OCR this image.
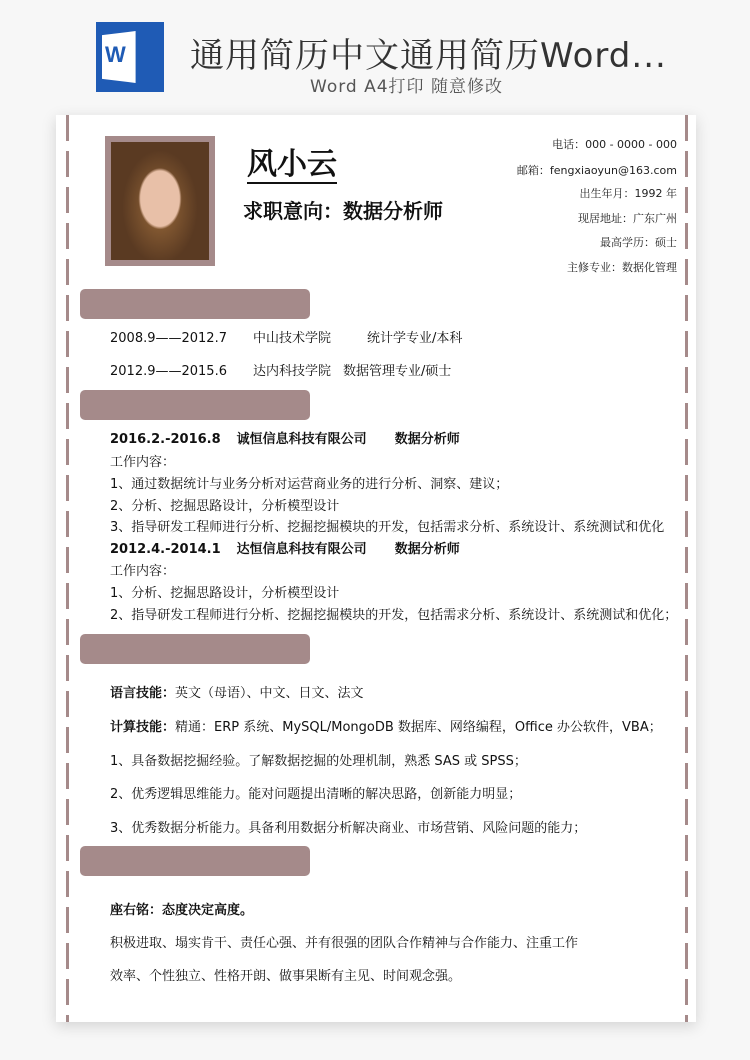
W 通用简历中文通用简历Word...
Word A4打印 随意修改
风小云
求职意向：数据分析师
电话：000 - 0000 - 000
邮箱：fengxiaoyun@163.com
出生年月：1992 年
现居地址：广东广州
最高学历：硕士
主修专业：数据化管理
2008.9——2012.7 中山技术学院	统计学专业/本科
2012.9——2015.6 达内科技学院 数据管理专业/硕士
2016.2.-2016.8 诚恒信息科技有限公司 数据分析师
工作内容：
1、通过数据统计与业务分析对运营商业务的进行分析、洞察、建议；
2、分析、挖掘思路设计，分析模型设计
3、指导研发工程师进行分析、挖掘挖掘模块的开发，包括需求分析、系统设计、系统测试和优化
2012.4.-2014.1 达恒信息科技有限公司 数据分析师
工作内容：
1、分析、挖掘思路设计，分析模型设计
2、指导研发工程师进行分析、挖掘挖掘模块的开发，包括需求分析、系统设计、系统测试和优化；
语言技能：英文（母语）、中文、日文、法文
计算技能：精通：ERP 系统、MySQL/MongoDB 数据库、网络编程，Office 办公软件，VBA；
1、具备数据挖掘经验。了解数据挖掘的处理机制，熟悉 SAS 或 SPSS；
2、优秀逻辑思维能力。能对问题提出清晰的解决思路，创新能力明显；
3、优秀数据分析能力。具备利用数据分析解决商业、市场营销、风险问题的能力；
座右铭：态度决定高度。
积极进取、塌实肯干、责任心强、并有很强的团队合作精神与合作能力、注重工作
效率、个性独立、性格开朗、做事果断有主见、时间观念强。
